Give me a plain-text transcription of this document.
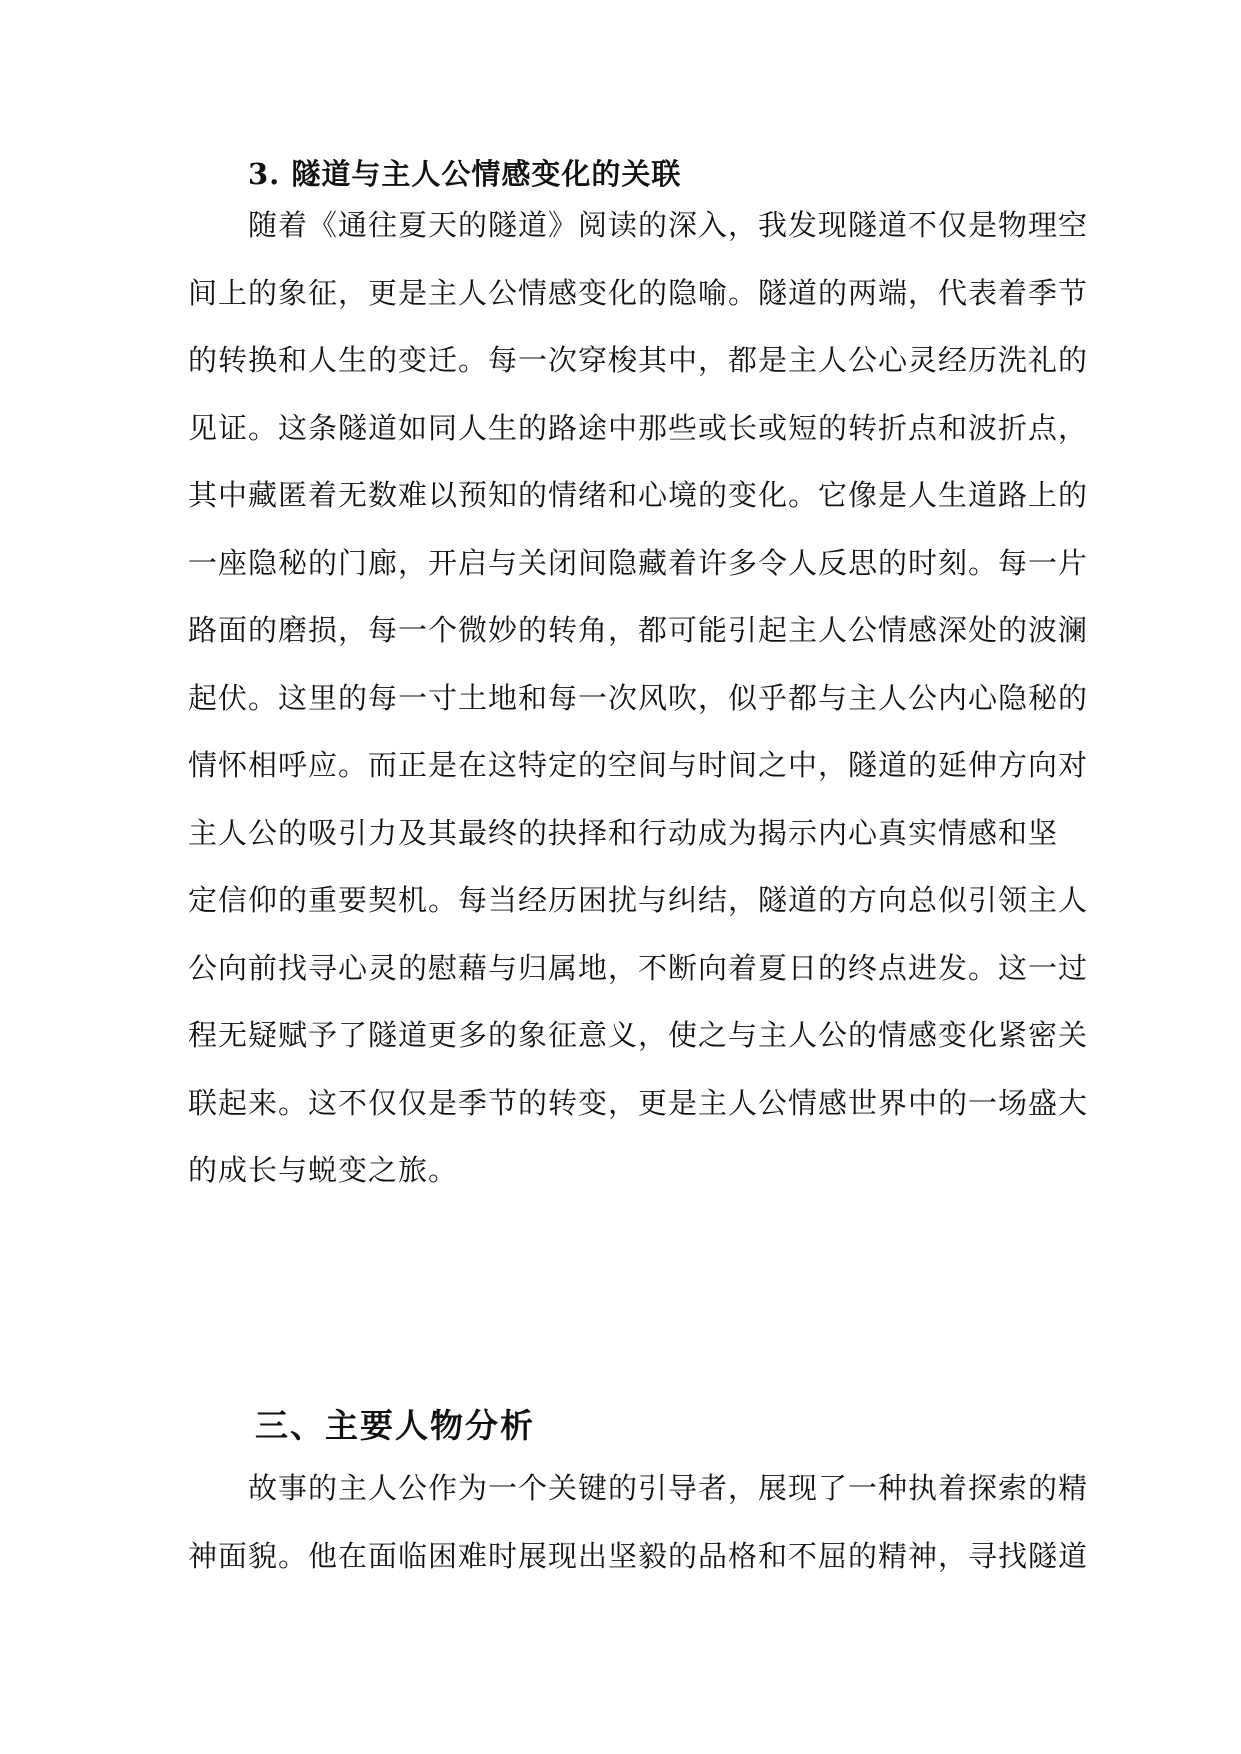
3. 隧道与主人公情感变化的关联
随着《通往夏天的隧道》阅读的深入，我发现隧道不仅是物理空
间上的象征，更是主人公情感变化的隐喻。隧道的两端，代表着季节
的转换和人生的变迁。每一次穿梭其中，都是主人公心灵经历洗礼的
见证。这条隧道如同人生的路途中那些或长或短的转折点和波折点，
其中藏匿着无数难以预知的情绪和心境的变化。它像是人生道路上的
一座隐秘的门廊，开启与关闭间隐藏着许多令人反思的时刻。每一片
路面的磨损，每一个微妙的转角，都可能引起主人公情感深处的波澜
起伏。这里的每一寸土地和每一次风吹，似乎都与主人公内心隐秘的
情怀相呼应。而正是在这特定的空间与时间之中，隧道的延伸方向对
主人公的吸引力及其最终的抉择和行动成为揭示内心真实情感和坚
定信仰的重要契机。每当经历困扰与纠结，隧道的方向总似引领主人
公向前找寻心灵的慰藉与归属地，不断向着夏日的终点进发。这一过
程无疑赋予了隧道更多的象征意义，使之与主人公的情感变化紧密关
联起来。这不仅仅是季节的转变，更是主人公情感世界中的一场盛大
的成长与蜕变之旅。
三、主要人物分析
故事的主人公作为一个关键的引导者，展现了一种执着探索的精
神面貌。他在面临困难时展现出坚毅的品格和不屈的精神，寻找隧道
